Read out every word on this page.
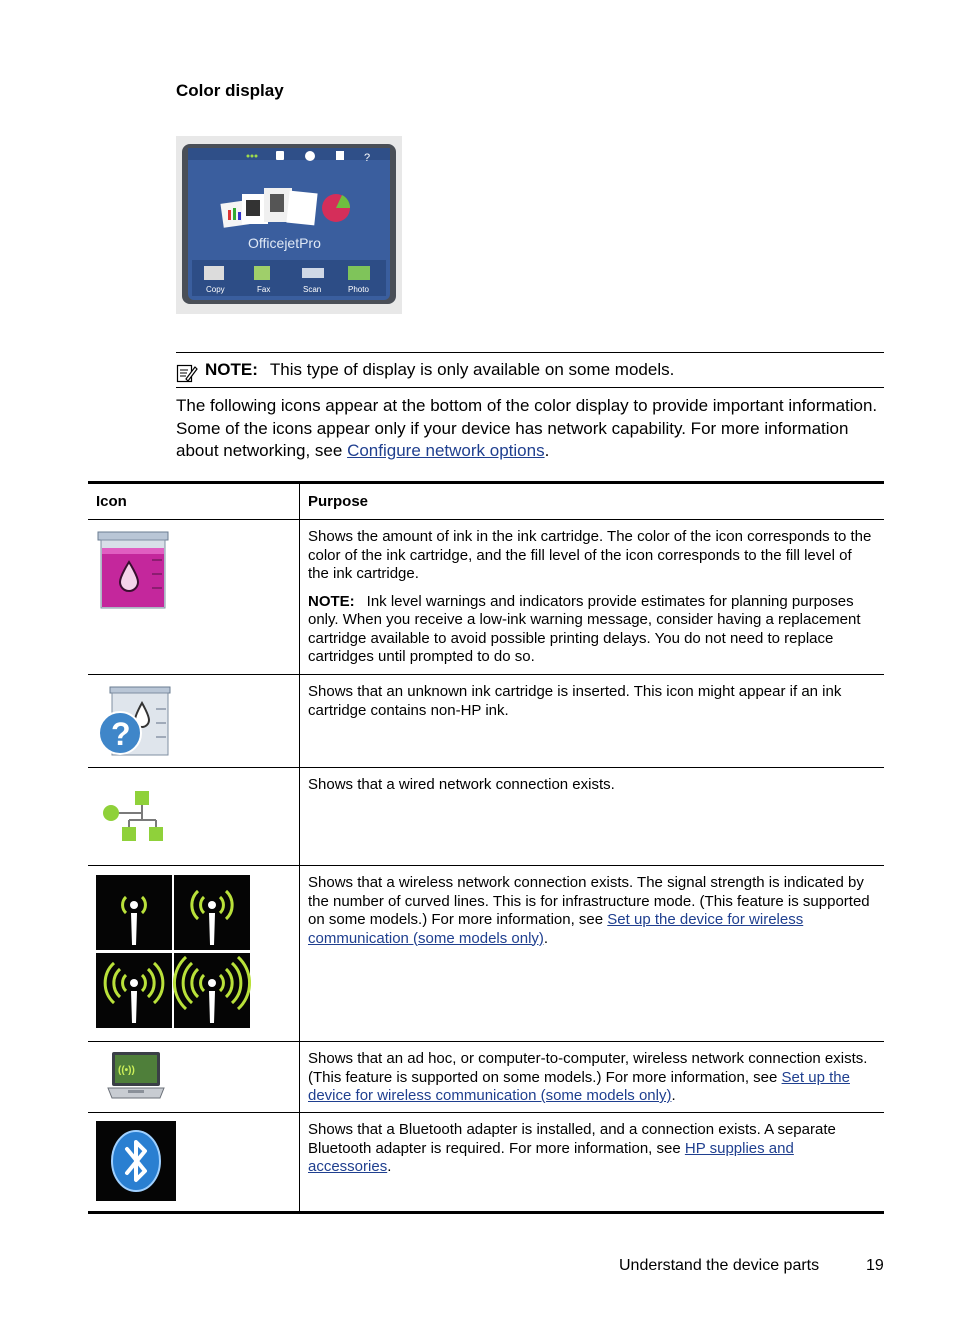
Color display
?
OfficejetPro
Copy	Fax	Scan	Photo
NOTE: This type of display is only available on some models.

The following icons appear at the bottom of the color display to provide important information. Some of the icons appear only if your device has network capability. For more information about networking, see Configure network options.

Icon	Purpose

Shows the amount of ink in the ink cartridge. The color of the icon corresponds to the color of the ink cartridge, and the fill level of the icon corresponds to the fill level of the ink cartridge.

NOTE: Ink level warnings and indicators provide estimates for planning purposes only. When you receive a low-ink warning message, consider having a replacement cartridge available to avoid possible printing delays. You do not need to replace cartridges until prompted to do so.

?

Shows that an unknown ink cartridge is inserted. This icon might appear if an ink cartridge contains non-HP ink.

Shows that a wired network connection exists.

Shows that a wireless network connection exists. The signal strength is indicated by the number of curved lines. This is for infrastructure mode. (This feature is supported on some models.) For more information, see Set up the device for wireless communication (some models only).

((•))

Shows that an ad hoc, or computer-to-computer, wireless network connection exists. (This feature is supported on some models.) For more information, see Set up the device for wireless communication (some models only).

Shows that a Bluetooth adapter is installed, and a connection exists. A separate Bluetooth adapter is required. For more information, see HP supplies and accessories.

Understand the device parts	19
